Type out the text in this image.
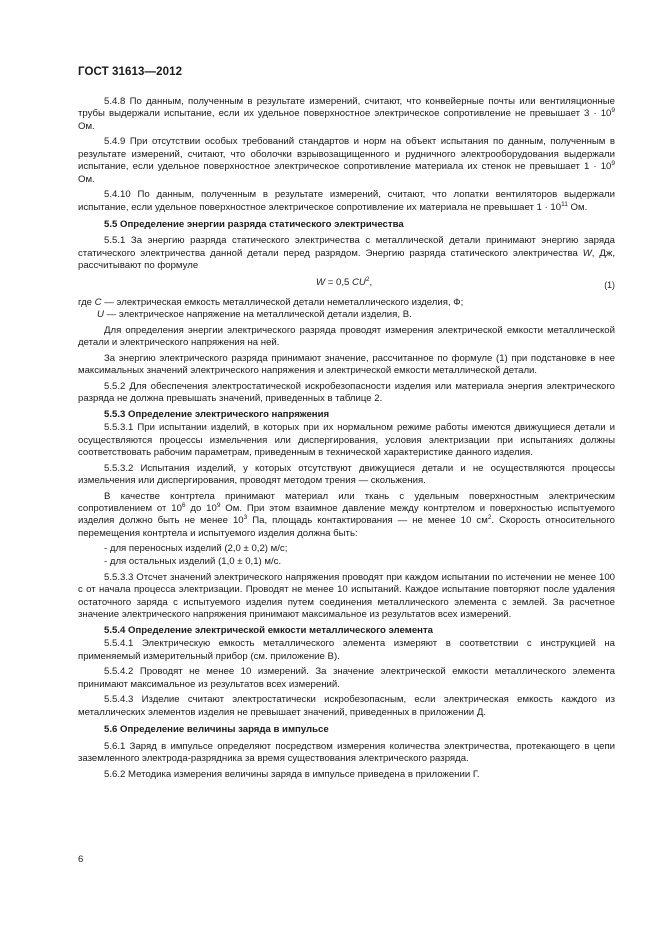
ГОСТ 31613—2012

5.4.8 По данным, полученным в результате измерений, считают, что конвейерные почты или вентиляционные трубы выдержали испытание, если их удельное поверхностное электрическое сопротивление не превышает $3 \cdot 10^9$ Ом.

5.4.9 При отсутствии особых требований стандартов и норм на объект испытания по данным, полученным в результате измерений, считают, что оболочки взрывозащищенного и рудничного электрооборудования выдержали испытание, если удельное поверхностное электрическое сопротивление материала их стенок не превышает $1 \cdot 10^9$ Ом.

5.4.10 По данным, полученным в результате измерений, считают, что лопатки вентиляторов выдержали испытание, если удельное поверхностное электрическое сопротивление их материала не превышает $1 \cdot 10^{11}$ Ом.

5.5 Определение энергии разряда статического электричества

5.5.1 За энергию разряда статического электричества с металлической детали принимают энергию заряда статического электричества данной детали перед разрядом. Энергию разряда статического электричества W, Дж, рассчитывают по формуле

W = 0,5 $CU^2$,	(1)

где C — электрическая емкость металлической детали неметаллического изделия, Ф;

U — электрическое напряжение на металлической детали изделия, В.

Для определения энергии электрического разряда проводят измерения электрической емкости металлической детали и электрического напряжения на ней.

За энергию электрического разряда принимают значение, рассчитанное по формуле (1) при подстановке в нее максимальных значений электрического напряжения и электрической емкости металлической детали.

5.5.2 Для обеспечения электростатической искробезопасности изделия или материала энергия электрического разряда не должна превышать значений, приведенных в таблице 2.

5.5.3 Определение электрического напряжения

5.5.3.1 При испытании изделий, в которых при их нормальном режиме работы имеются движущиеся детали и осуществляются процессы измельчения или диспергирования, условия электризации при испытаниях должны соответствовать рабочим параметрам, приведенным в технической характеристике данного изделия.

5.5.3.2 Испытания изделий, у которых отсутствуют движущиеся детали и не осуществляются процессы измельчения или диспергирования, проводят методом трения — скольжения.

В качестве контртела принимают материал или ткань с удельным поверхностным электрическим сопротивлением от $10^6$ до $10^9$ Ом. При этом взаимное давление между контртелом и поверхностью испытуемого изделия должно быть не менее $10^3$ Па, площадь контактирования — не менее 10 $см^2$. Скорость относительного перемещения контртела и испытуемого изделия должна быть:

- для переносных изделий (2,0 ± 0,2) м/с;

- для остальных изделий (1,0 ± 0,1) м/с.

5.5.3.3 Отсчет значений электрического напряжения проводят при каждом испытании по истечении не менее 100 с от начала процесса электризации. Проводят не менее 10 испытаний. Каждое испытание повторяют после удаления остаточного заряда с испытуемого изделия путем соединения металлического элемента с землей. За расчетное значение электрического напряжения принимают максимальное из результатов всех измерений.

5.5.4 Определение электрической емкости металлического элемента

5.5.4.1 Электрическую емкость металлического элемента измеряют в соответствии с инструкцией на применяемый измерительный прибор (см. приложение В).

5.5.4.2 Проводят не менее 10 измерений. За значение электрической емкости металлического элемента принимают максимальное из результатов всех измерений.

5.5.4.3 Изделие считают электростатически искробезопасным, если электрическая емкость каждого из металлических элементов изделия не превышает значений, приведенных в приложении Д.

5.6 Определение величины заряда в импульсе

5.6.1 Заряд в импульсе определяют посредством измерения количества электричества, протекающего в цепи заземленного электрода-разрядника за время существования электрического разряда.

5.6.2 Методика измерения величины заряда в импульсе приведена в приложении Г.

6
